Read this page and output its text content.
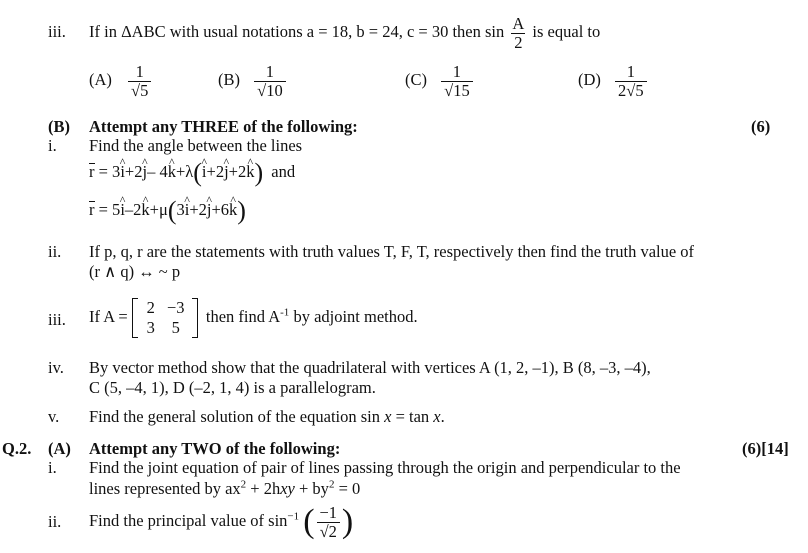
iii. If in ΔABC with usual notations a = 18, b = 24, c = 30 then $\sin \frac{A}{2}$ is equal to
$(A) \frac{1}{√5}$	$(B) \frac{1}{√10}$	$(C) \frac{1}{√15}$	$(D) \frac{1}{2√5}$
(B) Attempt any THREE of the following:	(6)
i. Find the angle between the lines
r = 3i ^+2j ^– 4k ^+λ(i ^+2j ^+2k ^) and
r = 5i ^–2k ^+μ(3i ^+2j ^+6k ^)
ii. If p, q, r are the statements with truth values T, F, T, respectively then find the truth value of
(r ∧ q) ↔ ~ p
iii. If A =	2 −3
3	5
then find $A^{-1}$ by adjoint method.
iv. By vector method show that the quadrilateral with vertices A (1, 2, –1), B (8, –3, –4),
C (5, –4, 1), D (–2, 1, 4) is a parallelogram.
v. Find the general solution of the equation sin x = tan x.
Q.2. (A) Attempt any TWO of the following:	(6)[14]
i. Find the joint equation of pair of lines passing through the origin and perpendicular to the
lines represented by $ax^2 + 2hxy + by^2 = 0$
ii. Find the principal value of $\sin^{-1}$ ( $\frac{-1}{√2}$ )
